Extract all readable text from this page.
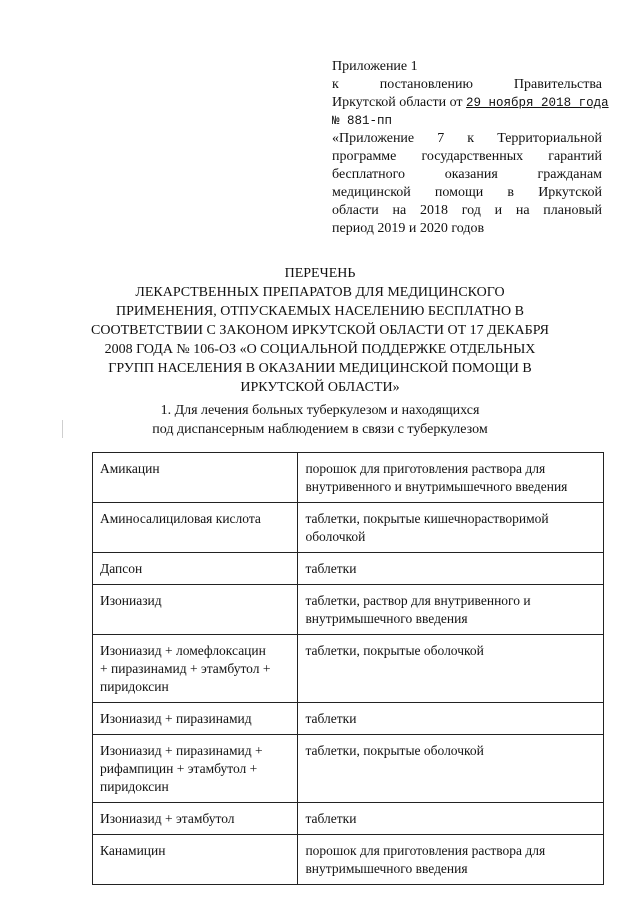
Приложение 1
к	постановлению	Правительства
Иркутской области от 29 ноября 2018 года
№ 881-пп
«Приложение 7 к Территориальной
программе государственных гарантий
бесплатного	оказания	гражданам
медицинской помощи в Иркутской
области на 2018 год и на плановый
период 2019 и 2020 годов
ПЕРЕЧЕНЬ
ЛЕКАРСТВЕННЫХ ПРЕПАРАТОВ ДЛЯ МЕДИЦИНСКОГО
ПРИМЕНЕНИЯ, ОТПУСКАЕМЫХ НАСЕЛЕНИЮ БЕСПЛАТНО В
СООТВЕТСТВИИ С ЗАКОНОМ ИРКУТСКОЙ ОБЛАСТИ ОТ 17 ДЕКАБРЯ
2008 ГОДА № 106-ОЗ «О СОЦИАЛЬНОЙ ПОДДЕРЖКЕ ОТДЕЛЬНЫХ
ГРУПП НАСЕЛЕНИЯ В ОКАЗАНИИ МЕДИЦИНСКОЙ ПОМОЩИ В
ИРКУТСКОЙ ОБЛАСТИ»
1. Для лечения больных туберкулезом и находящихся
под диспансерным наблюдением в связи с туберкулезом
Амикацин	порошок для приготовления раствора для
внутривенного и внутримышечного введения

Аминосалициловая кислота	таблетки, покрытые кишечнорастворимой
оболочкой

Дапсон	таблетки

Изониазид	таблетки, раствор для внутривенного и
внутримышечного введения

Изониазид + ломефлоксацин
+ пиразинамид + этамбутол +
пиридоксин	таблетки, покрытые оболочкой

Изониазид + пиразинамид	таблетки

Изониазид + пиразинамид +
рифампицин + этамбутол +
пиридоксин	таблетки, покрытые оболочкой

Изониазид + этамбутол	таблетки

Канамицин	порошок для приготовления раствора для
внутримышечного введения
